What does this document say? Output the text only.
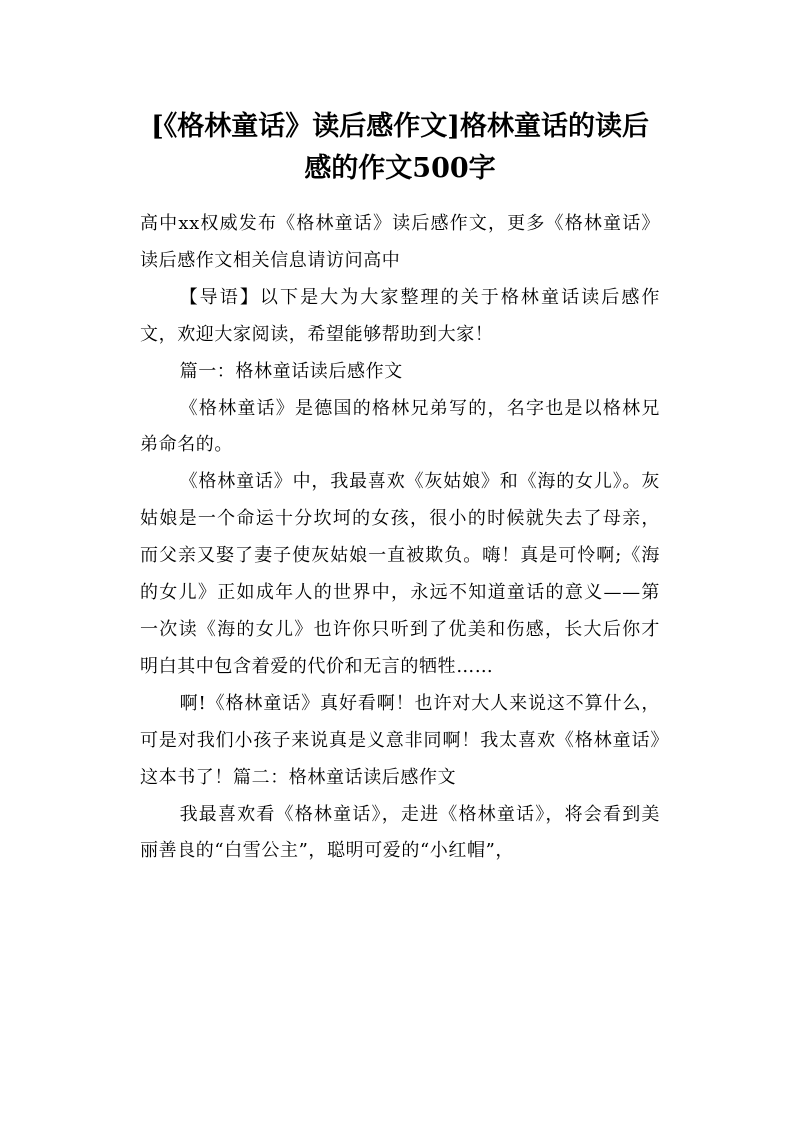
[《格林童话》读后感作文]格林童话的读后感的作文500字

高中xx权威发布《格林童话》读后感作文，更多《格林童话》读后感作文相关信息请访问高中

【导语】以下是大为大家整理的关于格林童话读后感作文，欢迎大家阅读，希望能够帮助到大家！

篇一：格林童话读后感作文

《格林童话》是德国的格林兄弟写的，名字也是以格林兄弟命名的。

《格林童话》中，我最喜欢《灰姑娘》和《海的女儿》。灰姑娘是一个命运十分坎坷的女孩，很小的时候就失去了母亲，而父亲又娶了妻子使灰姑娘一直被欺负。嗨！真是可怜啊;《海的女儿》正如成年人的世界中，永远不知道童话的意义——第一次读《海的女儿》也许你只听到了优美和伤感，长大后你才明白其中包含着爱的代价和无言的牺牲……

啊!《格林童话》真好看啊！也许对大人来说这不算什么，可是对我们小孩子来说真是义意非同啊！我太喜欢《格林童话》这本书了！篇二：格林童话读后感作文

我最喜欢看《格林童话》，走进《格林童话》，将会看到美丽善良的“白雪公主”，聪明可爱的“小红帽”，
